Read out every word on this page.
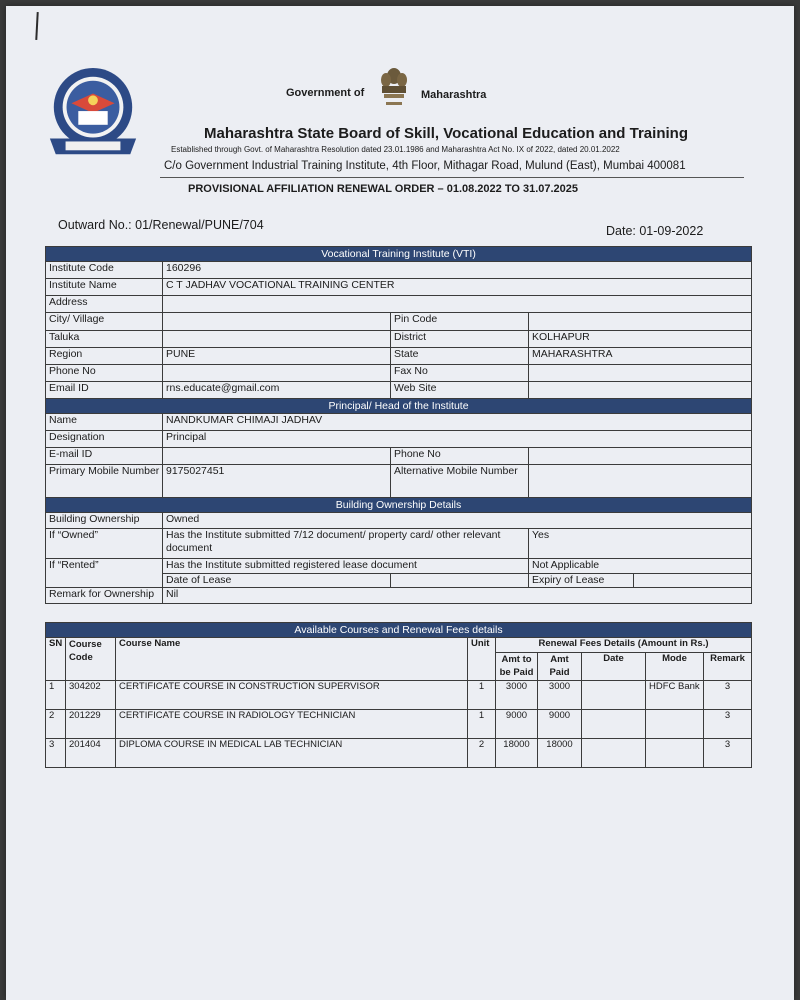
Government of	Maharashtra
Maharashtra State Board of Skill, Vocational Education and Training
Established through Govt. of Maharashtra Resolution dated 23.01.1986 and Maharashtra Act No. IX of 2022, dated 20.01.2022
C/o Government Industrial Training Institute, 4th Floor, Mithagar Road, Mulund (East), Mumbai 400081
PROVISIONAL AFFILIATION RENEWAL ORDER – 01.08.2022 TO 31.07.2025
Outward No.: 01/Renewal/PUNE/704	Date: 01-09-2022
Vocational Training Institute (VTI)				
Institute Code	160296			
Institute Name	C T JADHAV VOCATIONAL TRAINING CENTER			
Address				
City/ Village		Pin Code		
Taluka		District	KOLHAPUR	
Region	PUNE	State	MAHARASHTRA	
Phone No		Fax No		
Email ID	rns.educate@gmail.com	Web Site		
Principal/ Head of the Institute				
Name	NANDKUMAR CHIMAJI JADHAV			
Designation	Principal			
E-mail ID		Phone No		
Primary Mobile Number	9175027451	Alternative Mobile Number		
Building Ownership Details				
Building Ownership	Owned			
If “Owned”	Has the Institute submitted 7/12 document/ property card/ other relevant document		Yes	
If “Rented”	Has the Institute submitted registered lease document		Not Applicable	
	Date of Lease		Expiry of Lease	
Remark for Ownership	Nil			
Available Courses and Renewal Fees details								
SN	Course Code	Course Name	Unit	Renewal Fees Details (Amount in Rs.)				
				Amt to be Paid	Amt Paid	Date	Mode	Remark
1	304202	CERTIFICATE COURSE IN CONSTRUCTION SUPERVISOR	1	3000	3000		HDFC Bank	3
2	201229	CERTIFICATE COURSE IN RADIOLOGY TECHNICIAN	1	9000	9000			3
3	201404	DIPLOMA COURSE IN MEDICAL LAB TECHNICIAN	2	18000	18000			3
